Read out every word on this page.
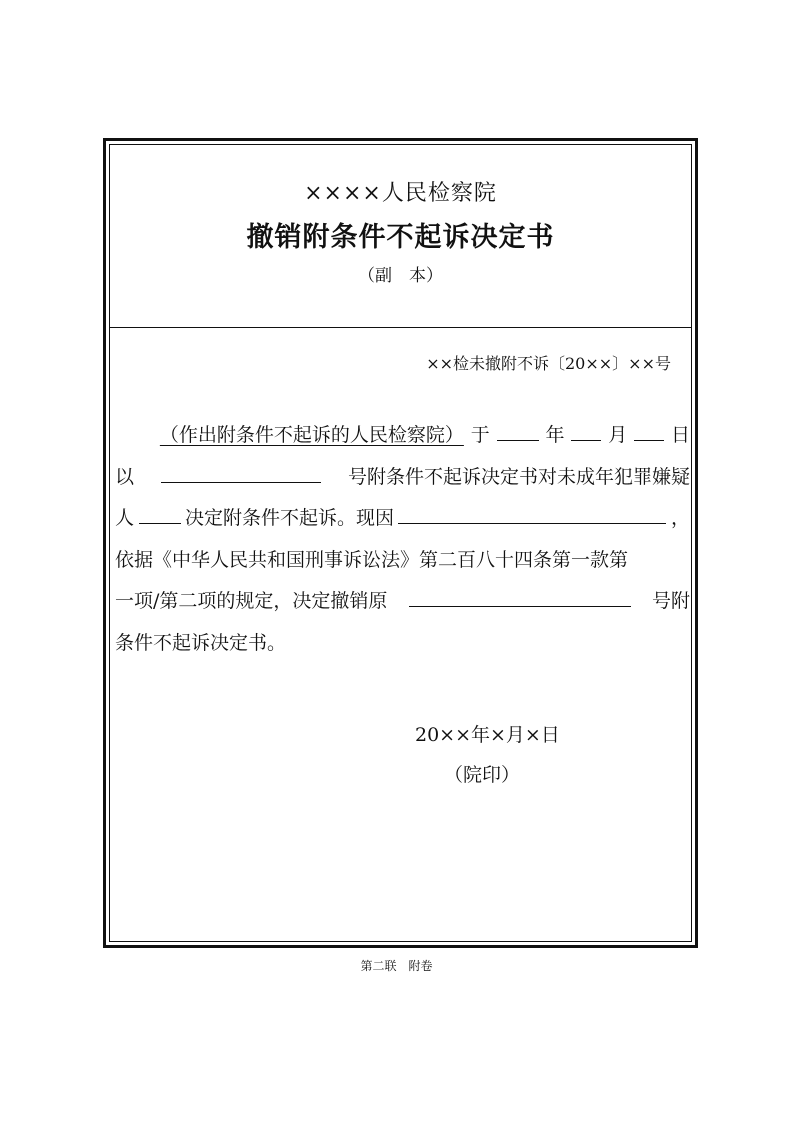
××××人民检察院
撤销附条件不起诉决定书
（副　本）
××检未撤附不诉〔20××〕××号
（作出附条件不起诉的人民检察院） 于	年 月 日
以	号附条件不起诉决定书对未成年犯罪嫌疑
人	决定附条件不起诉。现因	，
依据《中华人民共和国刑事诉讼法》第二百八十四条第一款第
一项/第二项的规定，决定撤销原	号附
条件不起诉决定书。
20××年×月×日
（院印）
第二联　附卷
